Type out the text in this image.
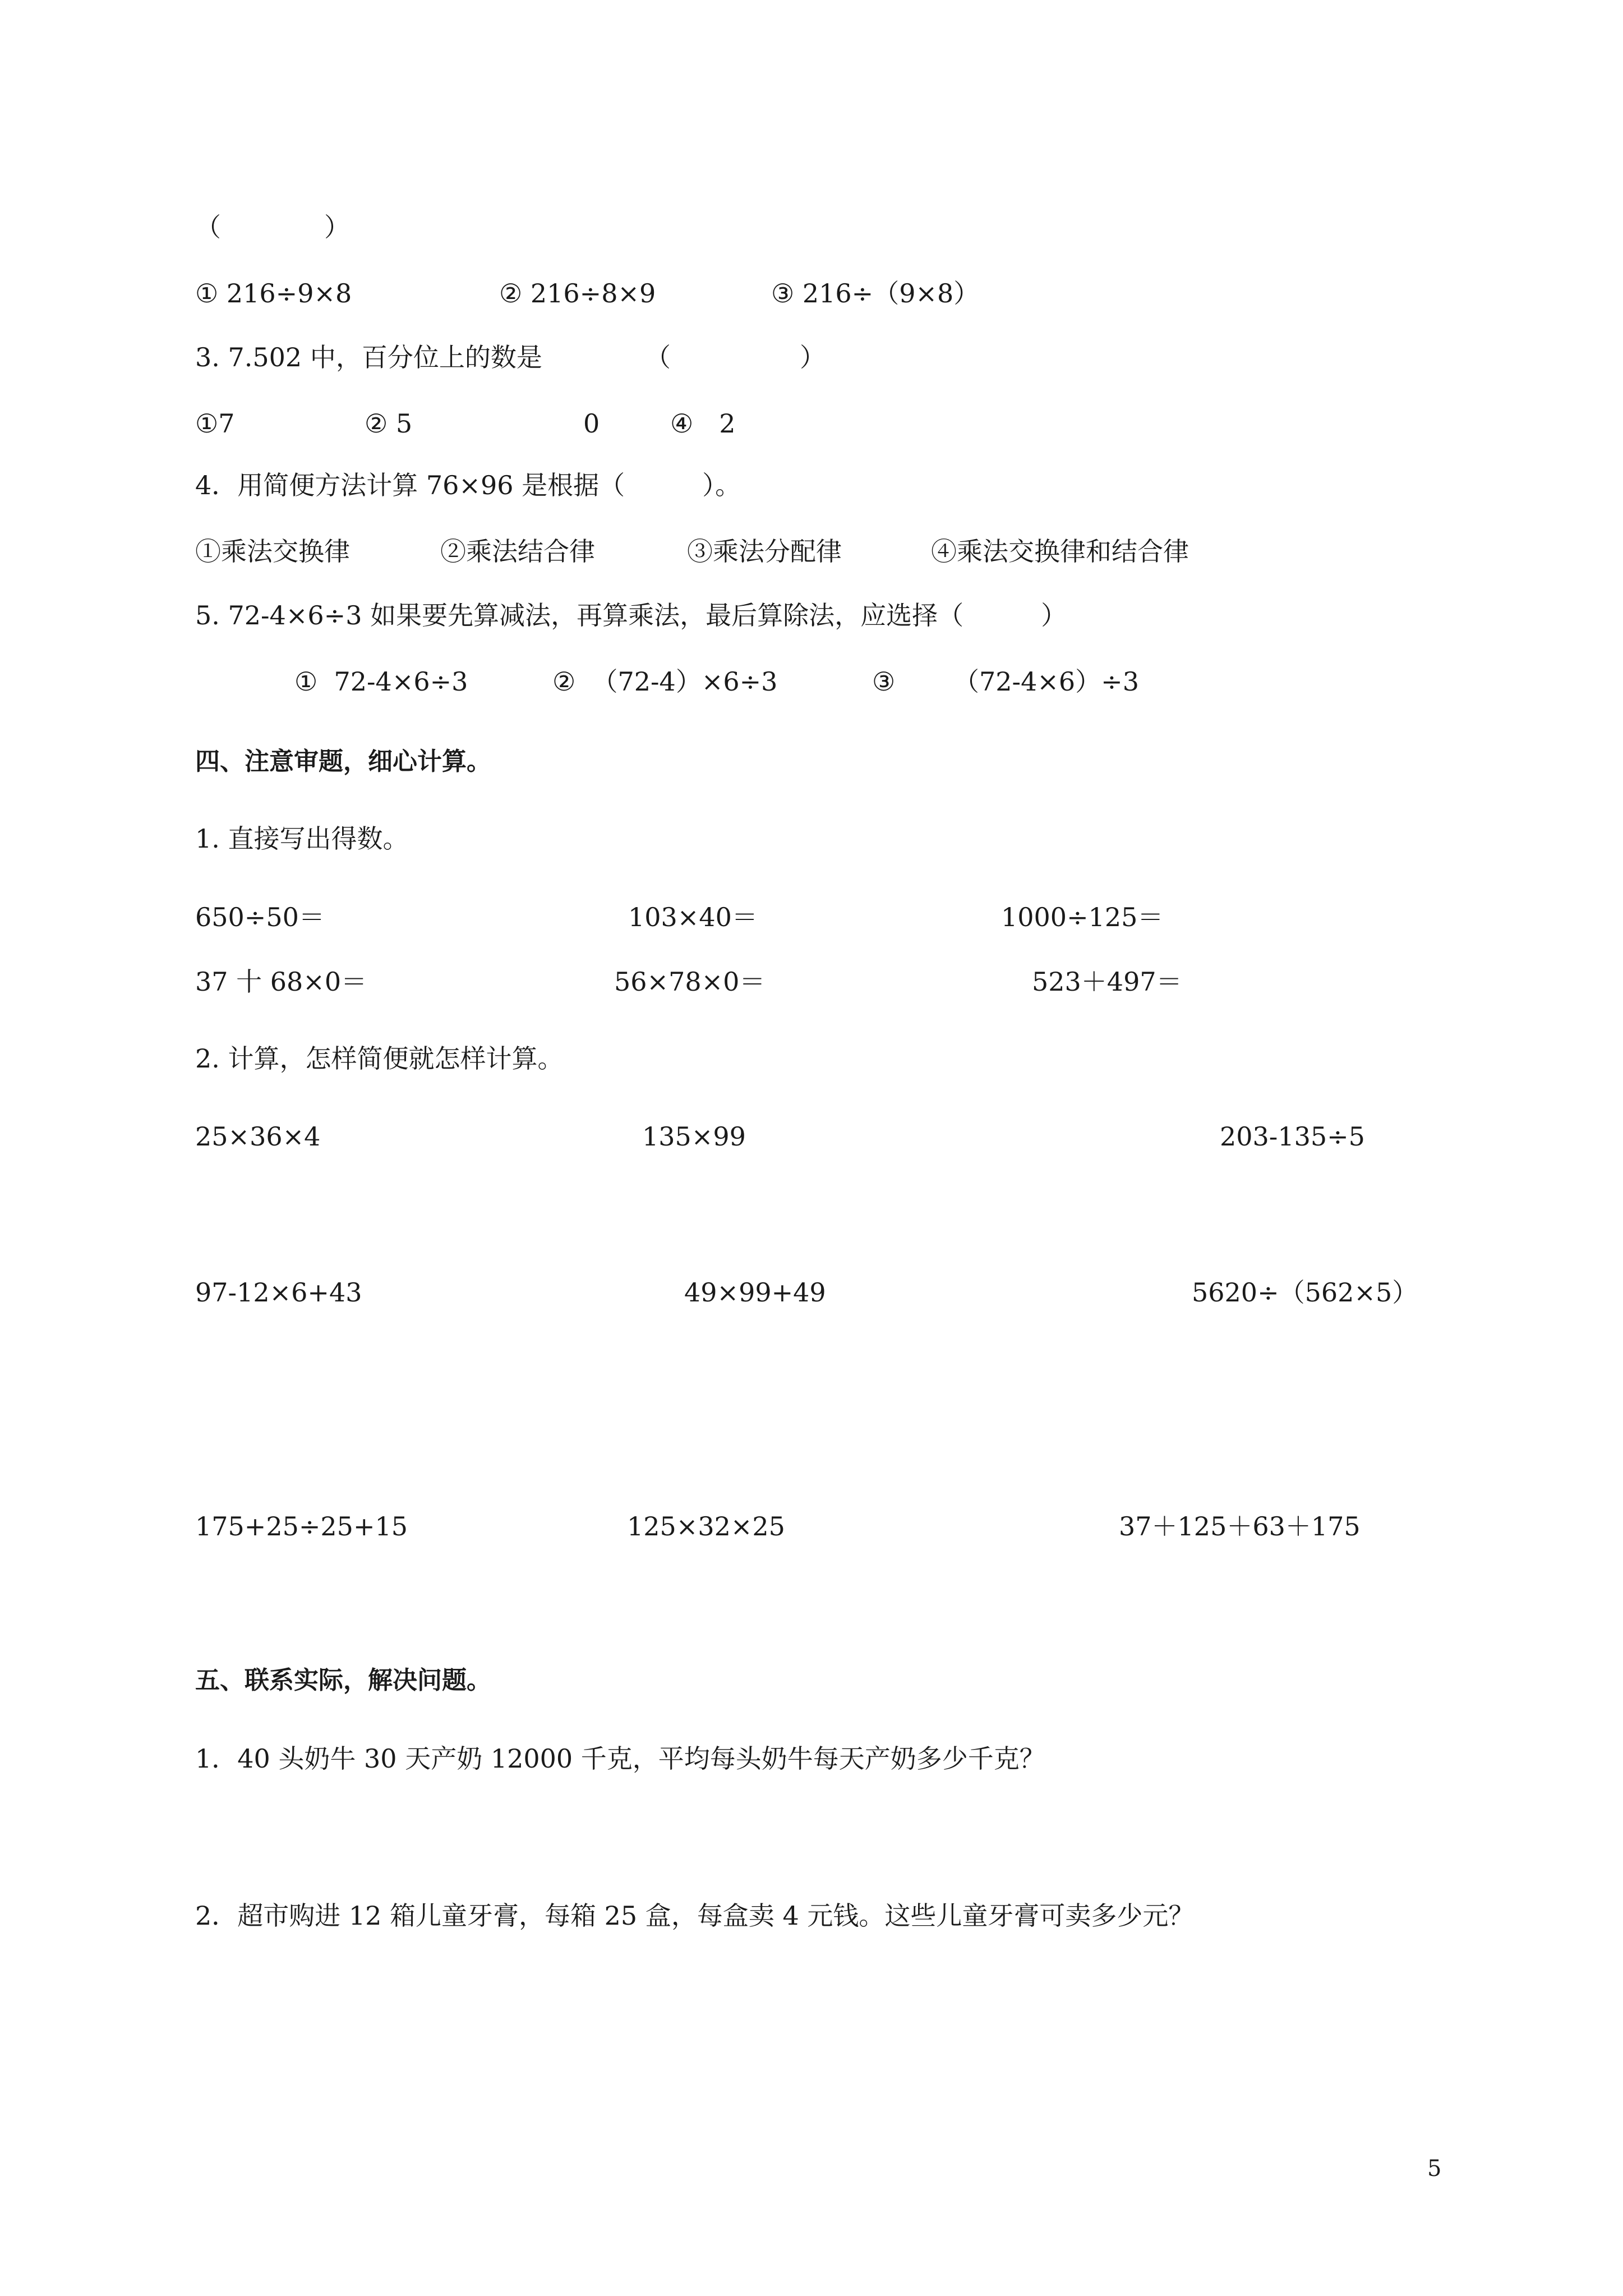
（　　　　）
① 216÷9×8	② 216÷8×9	③ 216÷（9×8）
3. 7.502 中，百分位上的数是	（　　　　　）
①7	② 5	0	④　2
4．用简便方法计算 76×96 是根据（　　　）。
①乘法交换律	②乘法结合律	③乘法分配律	④乘法交换律和结合律
5. 72-4×6÷3 如果要先算减法，再算乘法，最后算除法，应选择（　　　）
①  72-4×6÷3	②  （72-4）×6÷3	③ （72-4×6）÷3
四、注意审题，细心计算。
1. 直接写出得数。
650÷50＝	103×40＝	1000÷125＝
37 十 68×0＝	56×78×0＝	523＋497＝
2. 计算，怎样简便就怎样计算。
25×36×4	135×99	203-135÷5
97-12×6+43	49×99+49	5620÷（562×5）
175+25÷25+15	125×32×25	37＋125＋63＋175
五、联系实际，解决问题。
1．40 头奶牛 30 天产奶 12000 千克，平均每头奶牛每天产奶多少千克？
2．超市购进 12 箱儿童牙膏，每箱 25 盒，每盒卖 4 元钱。这些儿童牙膏可卖多少元？
5
